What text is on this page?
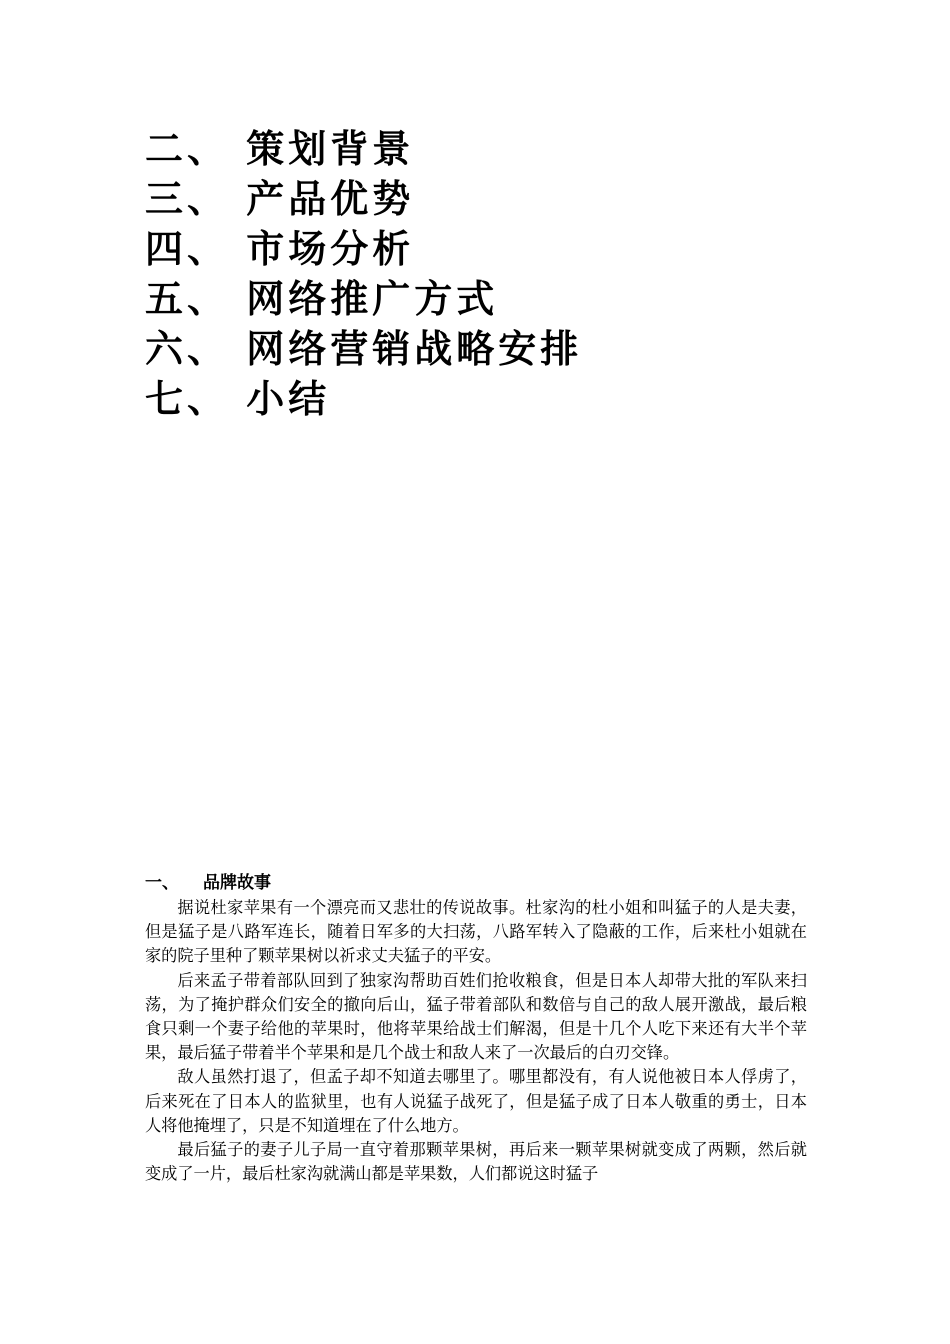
二、 策划背景
三、 产品优势
四、 市场分析
五、 网络推广方式
六、 网络营销战略安排
七、 小结
一、 品牌故事

据说杜家苹果有一个漂亮而又悲壮的传说故事。杜家沟的杜小姐和叫猛子的人是夫妻，但是猛子是八路军连长，随着日军多的大扫荡，八路军转入了隐蔽的工作，后来杜小姐就在家的院子里种了颗苹果树以祈求丈夫猛子的平安。

后来孟子带着部队回到了独家沟帮助百姓们抢收粮食，但是日本人却带大批的军队来扫荡，为了掩护群众们安全的撤向后山，猛子带着部队和数倍与自己的敌人展开激战，最后粮食只剩一个妻子给他的苹果时，他将苹果给战士们解渴，但是十几个人吃下来还有大半个苹果，最后猛子带着半个苹果和是几个战士和敌人来了一次最后的白刃交锋。

敌人虽然打退了，但孟子却不知道去哪里了。哪里都没有，有人说他被日本人俘虏了，后来死在了日本人的监狱里，也有人说猛子战死了，但是猛子成了日本人敬重的勇士，日本人将他掩埋了，只是不知道埋在了什么地方。

最后猛子的妻子儿子局一直守着那颗苹果树，再后来一颗苹果树就变成了两颗，然后就变成了一片，最后杜家沟就满山都是苹果数，人们都说这时猛子
